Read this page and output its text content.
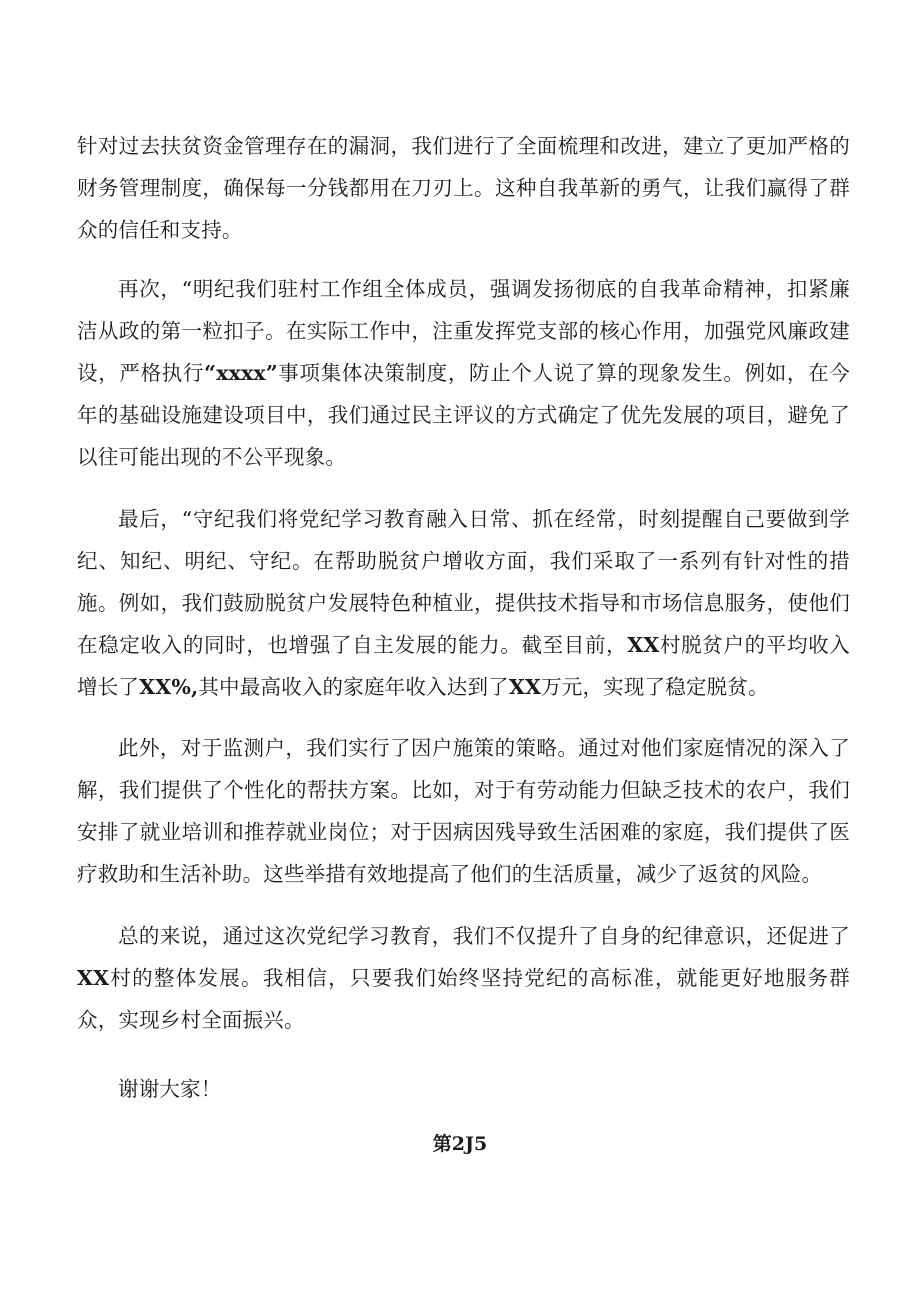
针对过去扶贫资金管理存在的漏洞，我们进行了全面梳理和改进，建立了更加严格的财务管理制度，确保每一分钱都用在刀刃上。这种自我革新的勇气，让我们赢得了群众的信任和支持。

再次，“明纪我们驻村工作组全体成员，强调发扬彻底的自我革命精神，扣紧廉洁从政的第一粒扣子。在实际工作中，注重发挥党支部的核心作用，加强党风廉政建设，严格执行“xxxx”事项集体决策制度，防止个人说了算的现象发生。例如，在今年的基础设施建设项目中，我们通过民主评议的方式确定了优先发展的项目，避免了以往可能出现的不公平现象。

最后，“守纪我们将党纪学习教育融入日常、抓在经常，时刻提醒自己要做到学纪、知纪、明纪、守纪。在帮助脱贫户增收方面，我们采取了一系列有针对性的措施。例如，我们鼓励脱贫户发展特色种植业，提供技术指导和市场信息服务，使他们在稳定收入的同时，也增强了自主发展的能力。截至目前，XX村脱贫户的平均收入增长了XX%,其中最高收入的家庭年收入达到了XX万元，实现了稳定脱贫。

此外，对于监测户，我们实行了因户施策的策略。通过对他们家庭情况的深入了解，我们提供了个性化的帮扶方案。比如，对于有劳动能力但缺乏技术的农户，我们安排了就业培训和推荐就业岗位；对于因病因残导致生活困难的家庭，我们提供了医疗救助和生活补助。这些举措有效地提高了他们的生活质量，减少了返贫的风险。

总的来说，通过这次党纪学习教育，我们不仅提升了自身的纪律意识，还促进了XX村的整体发展。我相信，只要我们始终坚持党纪的高标准，就能更好地服务群众，实现乡村全面振兴。

谢谢大家！

第2J5
